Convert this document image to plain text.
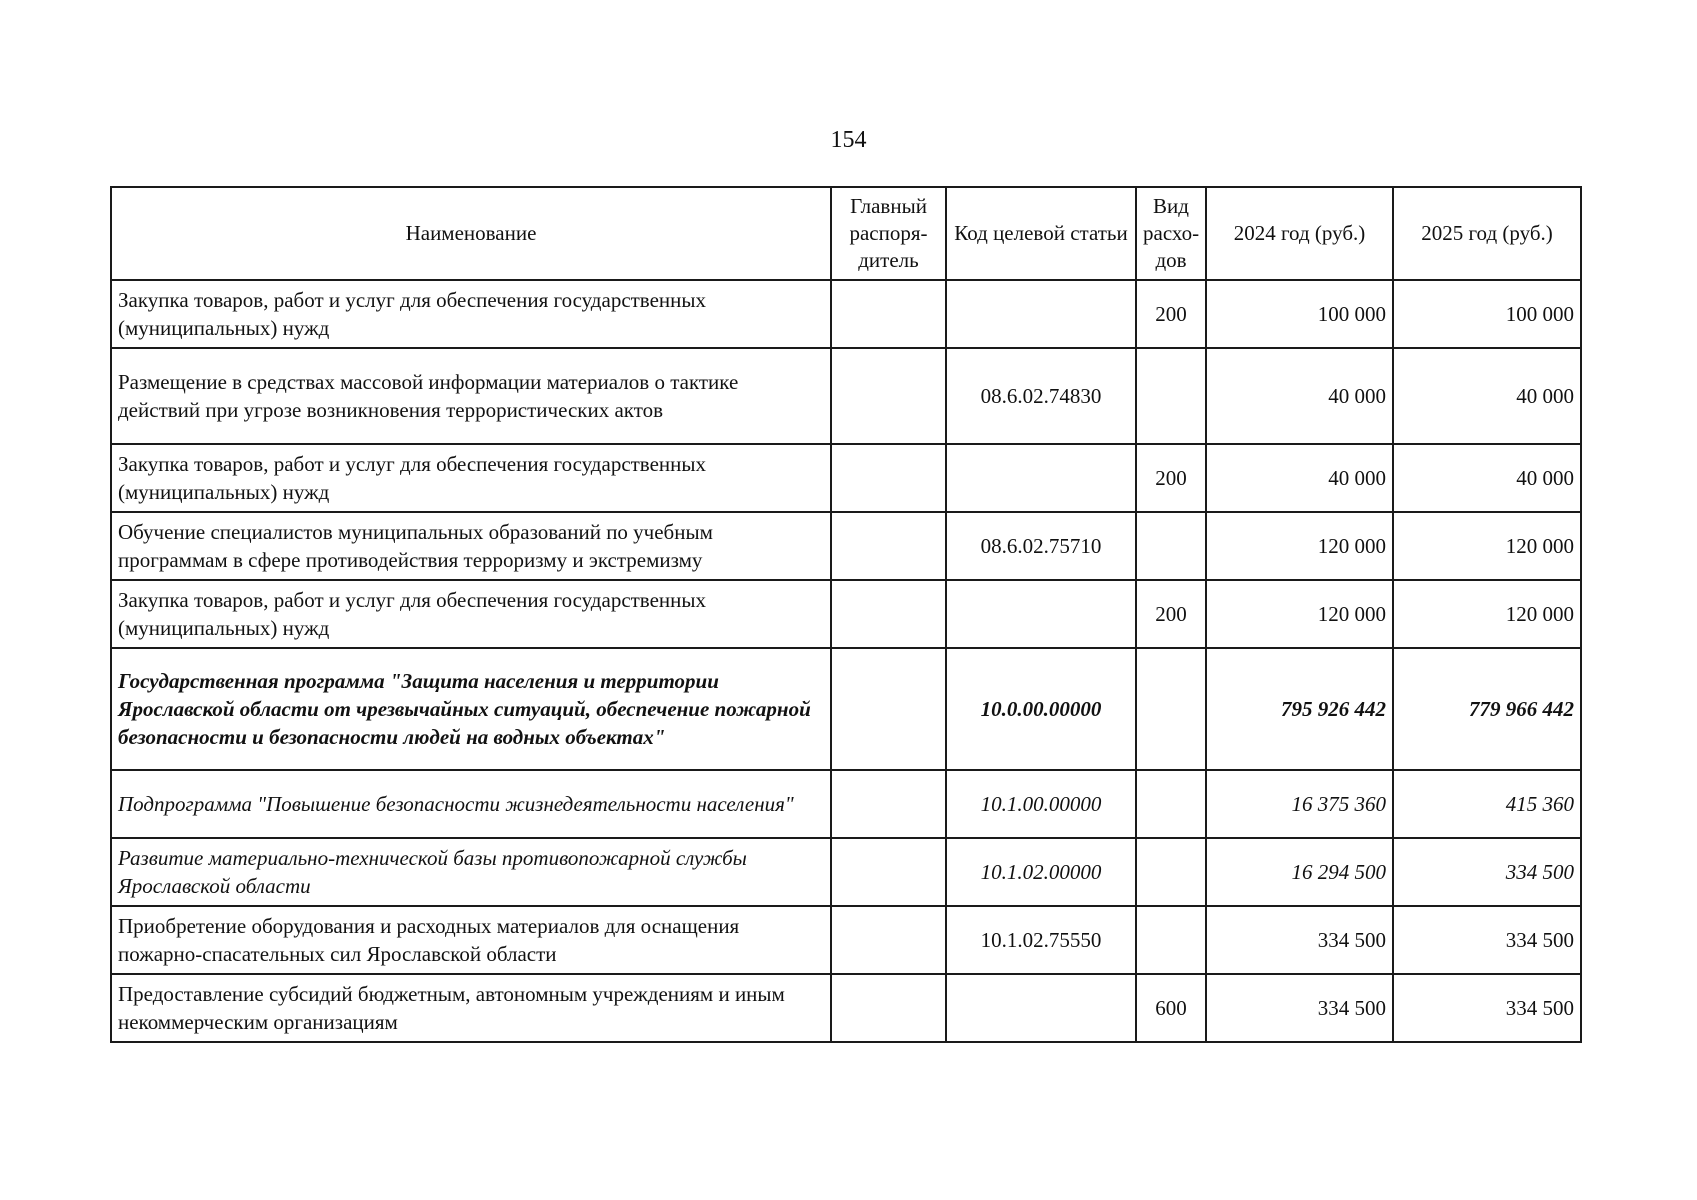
154
Наименование	Главный распоря-дитель	Код целевой статьи	Вид расхо-дов	2024 год (руб.)	2025 год (руб.)
Закупка товаров, работ и услуг для обеспечения государственных (муниципальных) нужд			200	100 000	100 000
Размещение в средствах массовой информации материалов о тактике действий при угрозе возникновения террористических актов		08.6.02.74830		40 000	40 000
Закупка товаров, работ и услуг для обеспечения государственных (муниципальных) нужд			200	40 000	40 000
Обучение специалистов муниципальных образований по учебным программам в сфере противодействия терроризму и экстремизму		08.6.02.75710		120 000	120 000
Закупка товаров, работ и услуг для обеспечения государственных (муниципальных) нужд			200	120 000	120 000
Государственная программа "Защита населения и территории Ярославской области от чрезвычайных ситуаций, обеспечение пожарной безопасности и безопасности людей на водных объектах"		10.0.00.00000		795 926 442	779 966 442
Подпрограмма "Повышение безопасности жизнедеятельности населения"		10.1.00.00000		16 375 360	415 360
Развитие материально-технической базы противопожарной службы Ярославской области		10.1.02.00000		16 294 500	334 500
Приобретение оборудования и расходных материалов для оснащения пожарно-спасательных сил Ярославской области		10.1.02.75550		334 500	334 500
Предоставление субсидий бюджетным, автономным учреждениям и иным некоммерческим организациям			600	334 500	334 500
